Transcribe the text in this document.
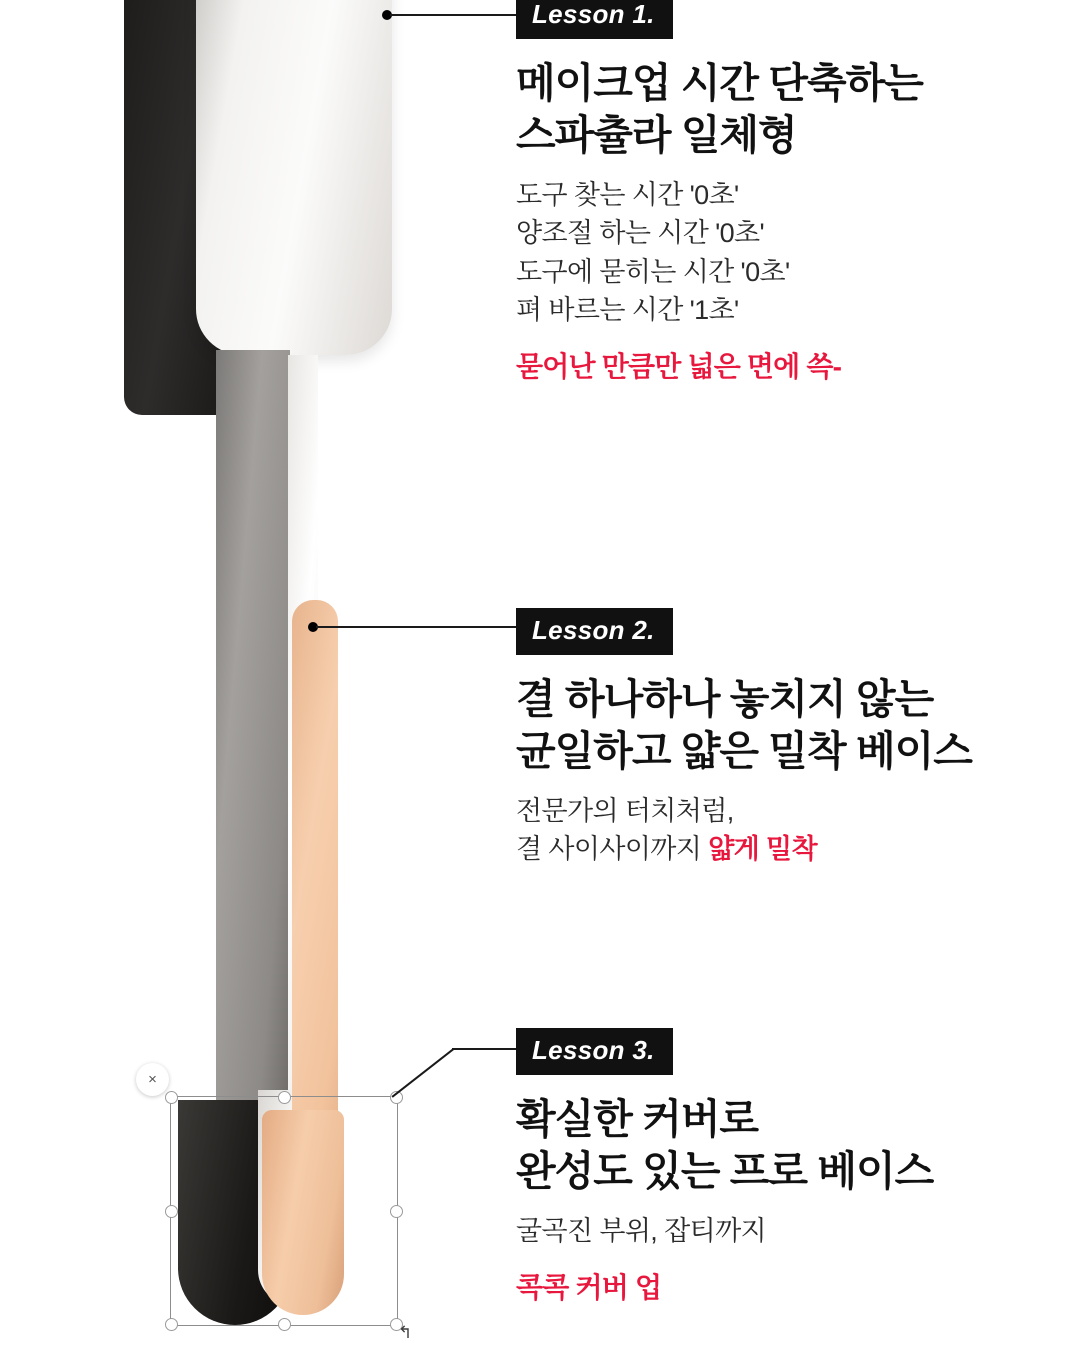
×
↰
Lesson 1.
메이크업 시간 단축하는
스파츌라 일체형
도구 찾는 시간 '0초'
양조절 하는 시간 '0초'
도구에 묻히는 시간 '0초'
펴 바르는 시간 '1초'
묻어난 만큼만 넓은 면에 쓱-
Lesson 2.
결 하나하나 놓치지 않는
균일하고 얇은 밀착 베이스
전문가의 터치처럼,
결 사이사이까지 얇게 밀착
Lesson 3.
확실한 커버로
완성도 있는 프로 베이스
굴곡진 부위, 잡티까지
콕콕 커버 업
